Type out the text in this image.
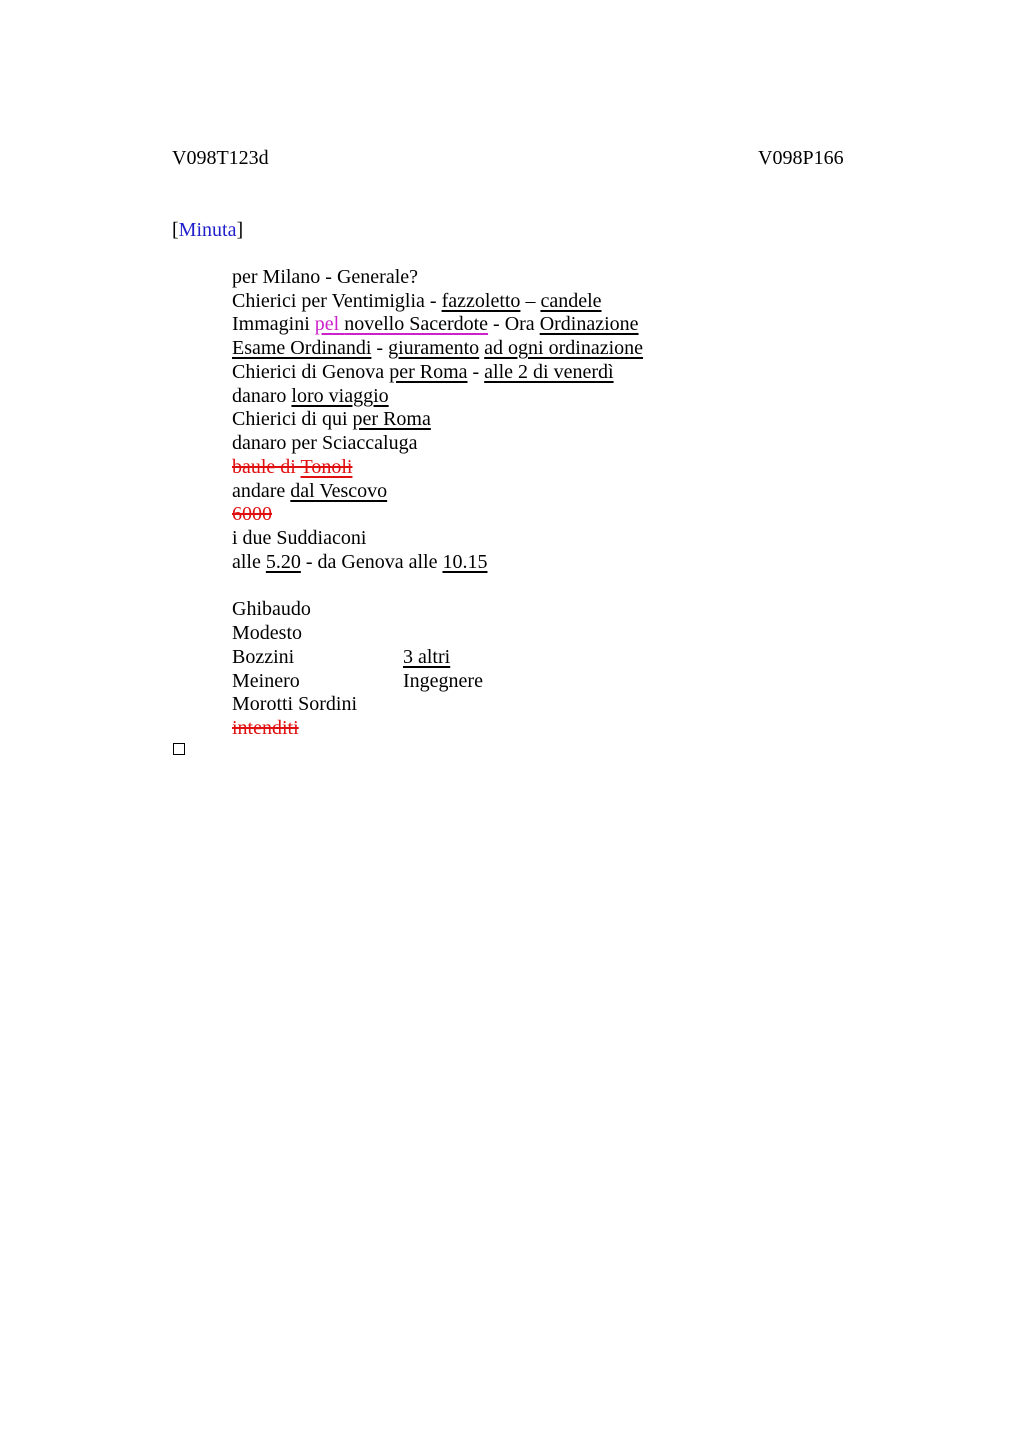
V098T123d	V098P166
[Minuta]
per Milano - Generale?
Chierici per Ventimiglia - fazzoletto – candele
Immagini pel novello Sacerdote - Ora Ordinazione
Esame Ordinandi - giuramento ad ogni ordinazione
Chierici di Genova per Roma - alle 2 di venerdì
danaro loro viaggio
Chierici di qui per Roma
danaro per Sciaccaluga
baule di Tonoli
andare dal Vescovo
6000
i due Suddiaconi
alle 5.20 - da Genova alle 10.15
Ghibaudo
Modesto
Bozzini	3 altri
Meinero	Ingegnere
Morotti Sordini
intenditi
